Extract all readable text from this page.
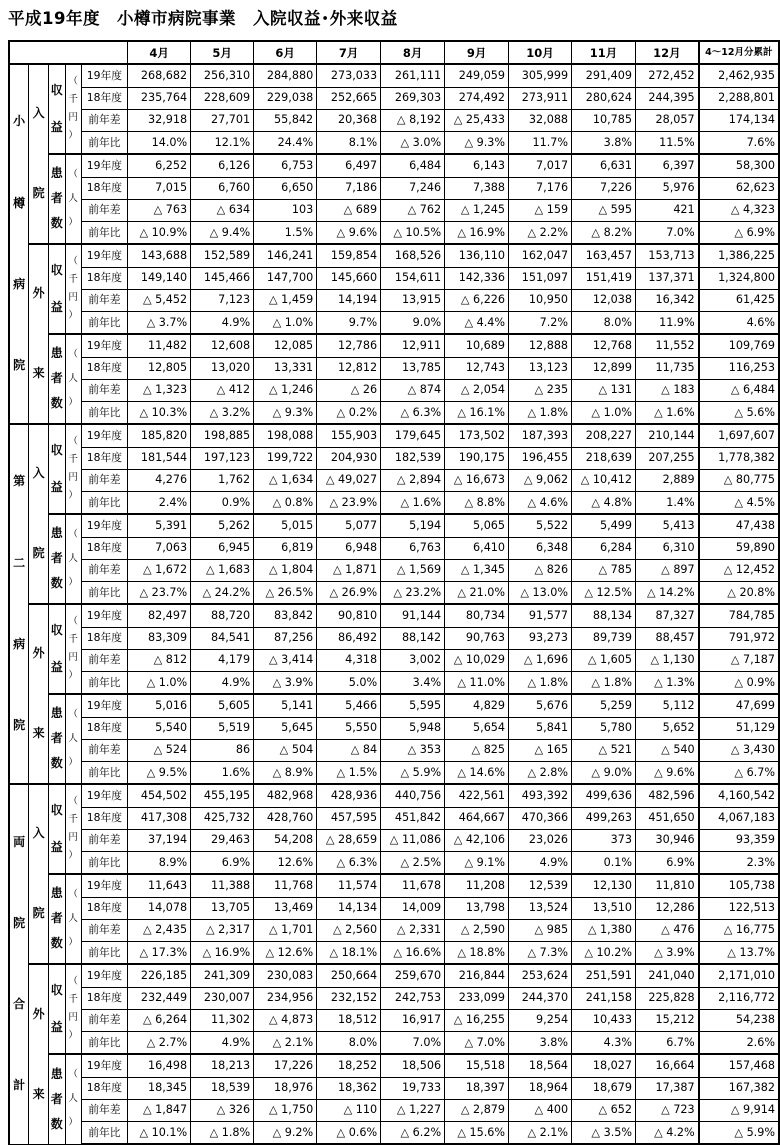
平成19年度　小樽市病院事業　入院収益･外来収益
					4月	5月	6月	7月	8月	9月	10月	11月	12月	4～12月分累計

小
樽
病
院	入
院	収
益	（
千
円
）	19年度	268,682	256,310	284,880	273,033	261,111	249,059	305,999	291,409	272,452	2,462,935
				18年度	235,764	228,609	229,038	252,665	269,303	274,492	273,911	280,624	244,395	2,288,801
				前年差	32,918	27,701	55,842	20,368	△ 8,192	△ 25,433	32,088	10,785	28,057	174,134
				前年比	14.0%	12.1%	24.4%	8.1%	△ 3.0%	△ 9.3%	11.7%	3.8%	11.5%	7.6%

		患
者
数	（
人
）	19年度	6,252	6,126	6,753	6,497	6,484	6,143	7,017	6,631	6,397	58,300
				18年度	7,015	6,760	6,650	7,186	7,246	7,388	7,176	7,226	5,976	62,623
				前年差	△ 763	△ 634	103	△ 689	△ 762	△ 1,245	△ 159	△ 595	421	△ 4,323
				前年比	△ 10.9%	△ 9.4%	1.5%	△ 9.6%	△ 10.5%	△ 16.9%	△ 2.2%	△ 8.2%	7.0%	△ 6.9%

	外
来	収
益	（
千
円
）	19年度	143,688	152,589	146,241	159,854	168,526	136,110	162,047	163,457	153,713	1,386,225
				18年度	149,140	145,466	147,700	145,660	154,611	142,336	151,097	151,419	137,371	1,324,800
				前年差	△ 5,452	7,123	△ 1,459	14,194	13,915	△ 6,226	10,950	12,038	16,342	61,425
				前年比	△ 3.7%	4.9%	△ 1.0%	9.7%	9.0%	△ 4.4%	7.2%	8.0%	11.9%	4.6%

		患
者
数	（
人
）	19年度	11,482	12,608	12,085	12,786	12,911	10,689	12,888	12,768	11,552	109,769
				18年度	12,805	13,020	13,331	12,812	13,785	12,743	13,123	12,899	11,735	116,253
				前年差	△ 1,323	△ 412	△ 1,246	△ 26	△ 874	△ 2,054	△ 235	△ 131	△ 183	△ 6,484
				前年比	△ 10.3%	△ 3.2%	△ 9.3%	△ 0.2%	△ 6.3%	△ 16.1%	△ 1.8%	△ 1.0%	△ 1.6%	△ 5.6%

第
二
病
院	入
院	収
益	（
千
円
）	19年度	185,820	198,885	198,088	155,903	179,645	173,502	187,393	208,227	210,144	1,697,607
				18年度	181,544	197,123	199,722	204,930	182,539	190,175	196,455	218,639	207,255	1,778,382
				前年差	4,276	1,762	△ 1,634	△ 49,027	△ 2,894	△ 16,673	△ 9,062	△ 10,412	2,889	△ 80,775
				前年比	2.4%	0.9%	△ 0.8%	△ 23.9%	△ 1.6%	△ 8.8%	△ 4.6%	△ 4.8%	1.4%	△ 4.5%

		患
者
数	（
人
）	19年度	5,391	5,262	5,015	5,077	5,194	5,065	5,522	5,499	5,413	47,438
				18年度	7,063	6,945	6,819	6,948	6,763	6,410	6,348	6,284	6,310	59,890
				前年差	△ 1,672	△ 1,683	△ 1,804	△ 1,871	△ 1,569	△ 1,345	△ 826	△ 785	△ 897	△ 12,452
				前年比	△ 23.7%	△ 24.2%	△ 26.5%	△ 26.9%	△ 23.2%	△ 21.0%	△ 13.0%	△ 12.5%	△ 14.2%	△ 20.8%

	外
来	収
益	（
千
円
）	19年度	82,497	88,720	83,842	90,810	91,144	80,734	91,577	88,134	87,327	784,785
				18年度	83,309	84,541	87,256	86,492	88,142	90,763	93,273	89,739	88,457	791,972
				前年差	△ 812	4,179	△ 3,414	4,318	3,002	△ 10,029	△ 1,696	△ 1,605	△ 1,130	△ 7,187
				前年比	△ 1.0%	4.9%	△ 3.9%	5.0%	3.4%	△ 11.0%	△ 1.8%	△ 1.8%	△ 1.3%	△ 0.9%

		患
者
数	（
人
）	19年度	5,016	5,605	5,141	5,466	5,595	4,829	5,676	5,259	5,112	47,699
				18年度	5,540	5,519	5,645	5,550	5,948	5,654	5,841	5,780	5,652	51,129
				前年差	△ 524	86	△ 504	△ 84	△ 353	△ 825	△ 165	△ 521	△ 540	△ 3,430
				前年比	△ 9.5%	1.6%	△ 8.9%	△ 1.5%	△ 5.9%	△ 14.6%	△ 2.8%	△ 9.0%	△ 9.6%	△ 6.7%

両
院
合
計	入
院	収
益	（
千
円
）	19年度	454,502	455,195	482,968	428,936	440,756	422,561	493,392	499,636	482,596	4,160,542
				18年度	417,308	425,732	428,760	457,595	451,842	464,667	470,366	499,263	451,650	4,067,183
				前年差	37,194	29,463	54,208	△ 28,659	△ 11,086	△ 42,106	23,026	373	30,946	93,359
				前年比	8.9%	6.9%	12.6%	△ 6.3%	△ 2.5%	△ 9.1%	4.9%	0.1%	6.9%	2.3%

		患
者
数	（
人
）	19年度	11,643	11,388	11,768	11,574	11,678	11,208	12,539	12,130	11,810	105,738
				18年度	14,078	13,705	13,469	14,134	14,009	13,798	13,524	13,510	12,286	122,513
				前年差	△ 2,435	△ 2,317	△ 1,701	△ 2,560	△ 2,331	△ 2,590	△ 985	△ 1,380	△ 476	△ 16,775
				前年比	△ 17.3%	△ 16.9%	△ 12.6%	△ 18.1%	△ 16.6%	△ 18.8%	△ 7.3%	△ 10.2%	△ 3.9%	△ 13.7%

	外
来	収
益	（
千
円
）	19年度	226,185	241,309	230,083	250,664	259,670	216,844	253,624	251,591	241,040	2,171,010
				18年度	232,449	230,007	234,956	232,152	242,753	233,099	244,370	241,158	225,828	2,116,772
				前年差	△ 6,264	11,302	△ 4,873	18,512	16,917	△ 16,255	9,254	10,433	15,212	54,238
				前年比	△ 2.7%	4.9%	△ 2.1%	8.0%	7.0%	△ 7.0%	3.8%	4.3%	6.7%	2.6%

		患
者
数	（
人
）	19年度	16,498	18,213	17,226	18,252	18,506	15,518	18,564	18,027	16,664	157,468
				18年度	18,345	18,539	18,976	18,362	19,733	18,397	18,964	18,679	17,387	167,382
				前年差	△ 1,847	△ 326	△ 1,750	△ 110	△ 1,227	△ 2,879	△ 400	△ 652	△ 723	△ 9,914
				前年比	△ 10.1%	△ 1.8%	△ 9.2%	△ 0.6%	△ 6.2%	△ 15.6%	△ 2.1%	△ 3.5%	△ 4.2%	△ 5.9%
